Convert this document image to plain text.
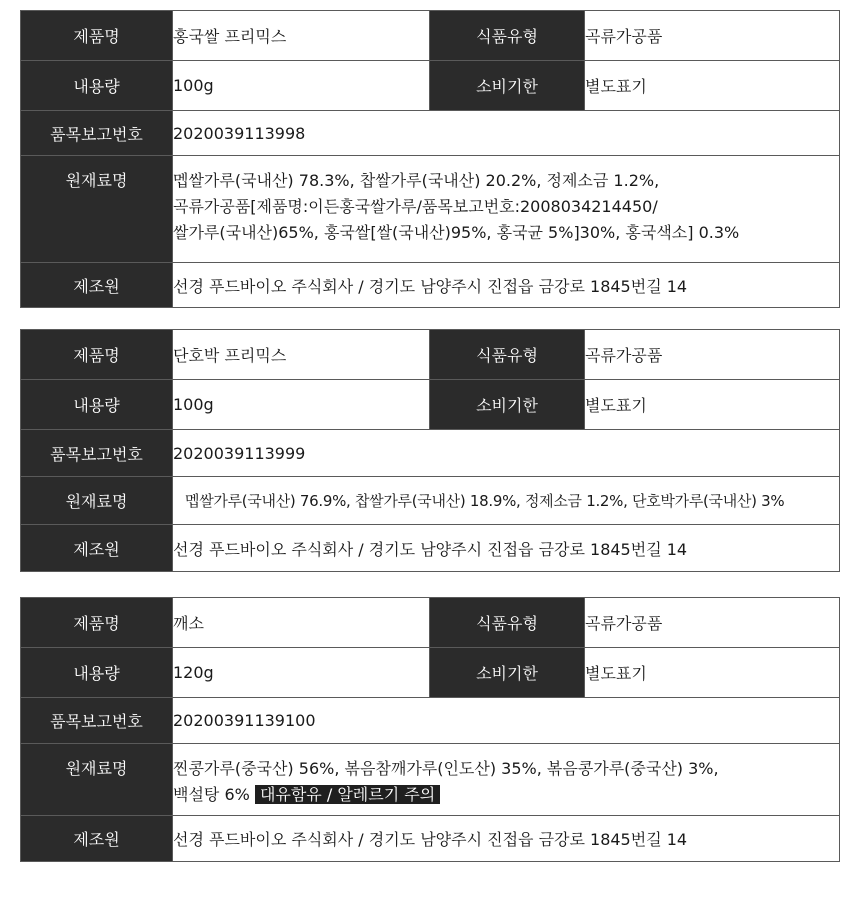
제품명	홍국쌀 프리믹스	식품유형	곡류가공품
내용량	100g	소비기한	별도표기
품목보고번호	2020039113998		
원재료명	멥쌀가루(국내산) 78.3%, 찹쌀가루(국내산) 20.2%, 정제소금 1.2%,
곡류가공품[제품명:이든홍국쌀가루/품목보고번호:2008034214450/
쌀가루(국내산)65%, 홍국쌀[쌀(국내산)95%, 홍국균 5%]30%, 홍국색소] 0.3%		

제조원	선경 푸드바이오 주식회사 / 경기도 남양주시 진접읍 금강로 1845번길 14		
제품명	단호박 프리믹스	식품유형	곡류가공품
내용량	100g	소비기한	별도표기
품목보고번호	2020039113999		
원재료명	멥쌀가루(국내산) 76.9%, 찹쌀가루(국내산) 18.9%, 정제소금 1.2%, 단호박가루(국내산) 3%		

제조원	선경 푸드바이오 주식회사 / 경기도 남양주시 진접읍 금강로 1845번길 14		
제품명	깨소	식품유형	곡류가공품
내용량	120g	소비기한	별도표기
품목보고번호	20200391139100		
원재료명	찐콩가루(중국산) 56%, 볶음참깨가루(인도산) 35%, 볶음콩가루(중국산) 3%,
백설탕 6% 대유함유 / 알레르기 주의		

제조원	선경 푸드바이오 주식회사 / 경기도 남양주시 진접읍 금강로 1845번길 14		
